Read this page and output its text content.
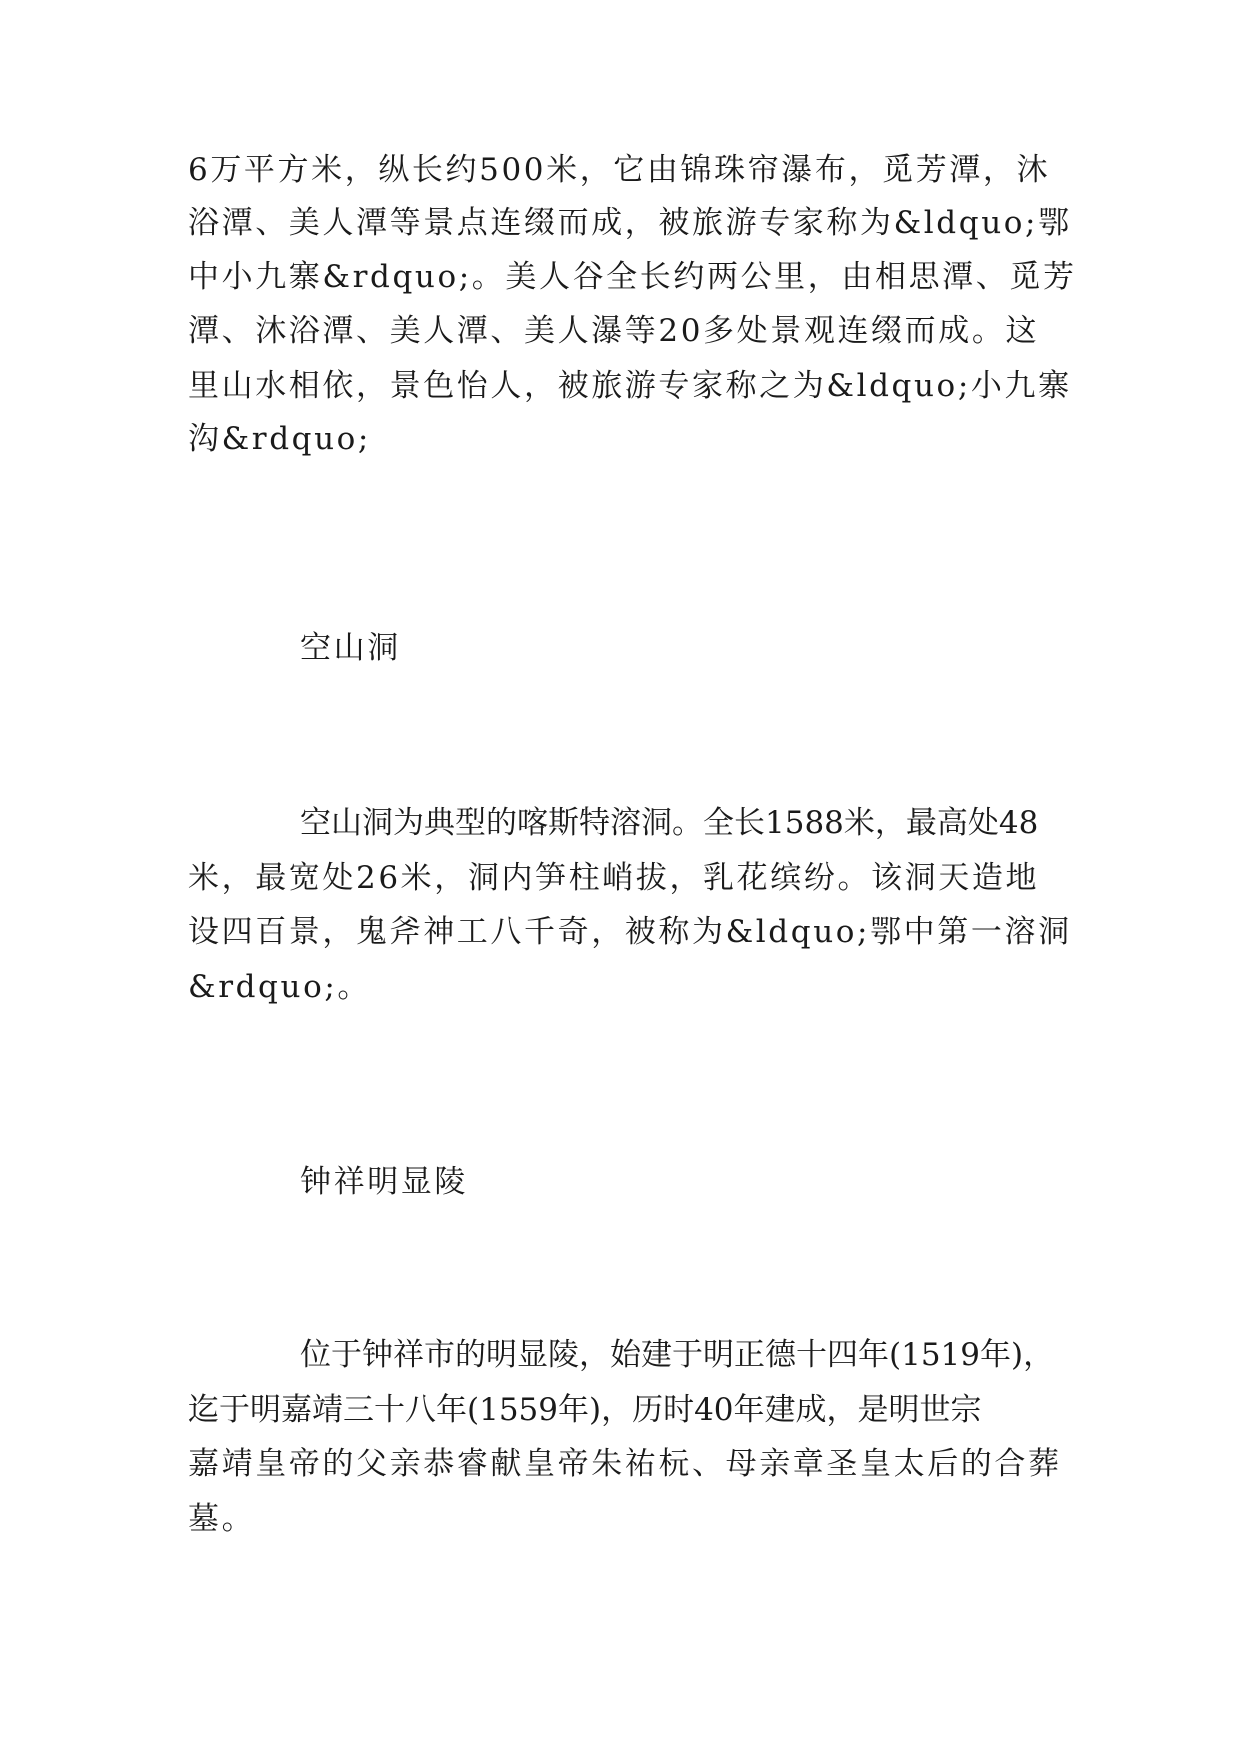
6万平方米，纵长约500米，它由锦珠帘瀑布，觅芳潭，沐
浴潭、美人潭等景点连缀而成，被旅游专家称为&ldquo;鄂
中小九寨&rdquo;。美人谷全长约两公里，由相思潭、觅芳
潭、沐浴潭、美人潭、美人瀑等20多处景观连缀而成。这
里山水相依，景色怡人，被旅游专家称之为&ldquo;小九寨
沟&rdquo;
空山洞
空山洞为典型的喀斯特溶洞。全长1588米，最高处48
米，最宽处26米，洞内笋柱峭拔，乳花缤纷。该洞天造地
设四百景，鬼斧神工八千奇，被称为&ldquo;鄂中第一溶洞
&rdquo;。
钟祥明显陵
位于钟祥市的明显陵，始建于明正德十四年(1519年)，
迄于明嘉靖三十八年(1559年)，历时40年建成，是明世宗
嘉靖皇帝的父亲恭睿献皇帝朱祐杬、母亲章圣皇太后的合葬
墓。
